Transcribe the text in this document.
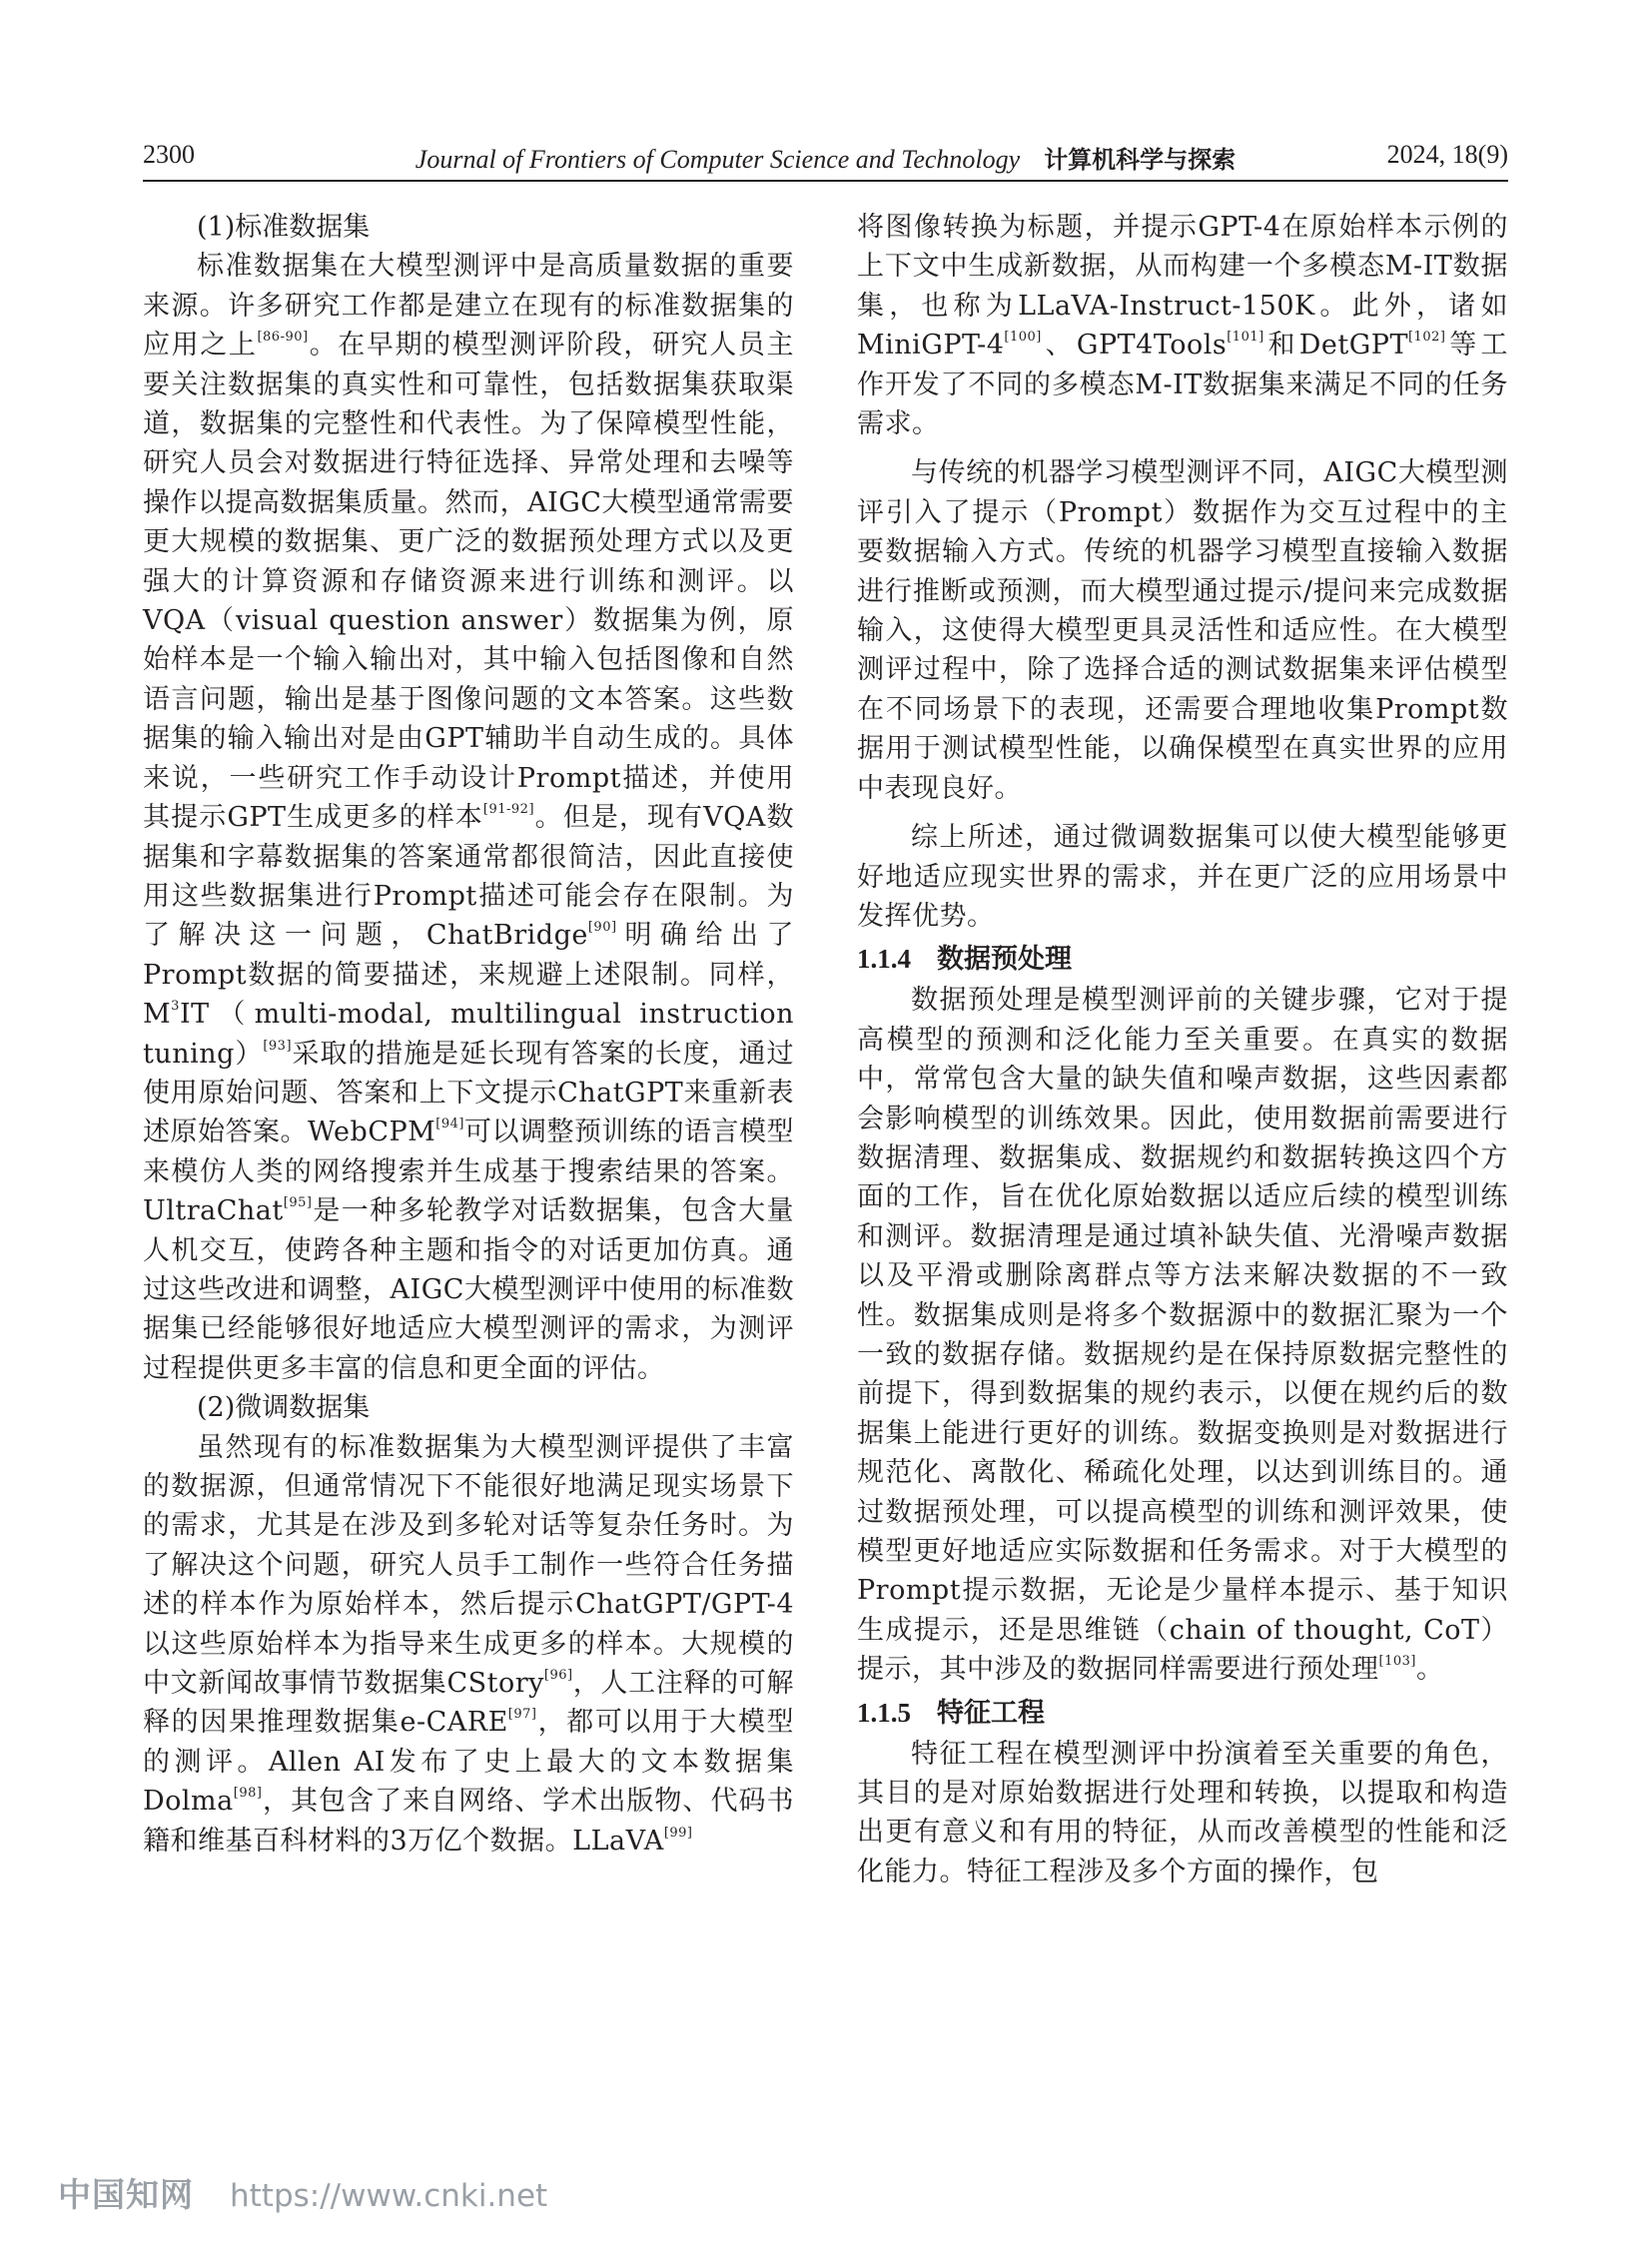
2300	Journal of Frontiers of Computer Science and Technology 计算机科学与探索	2024, 18(9)

(1)标准数据集

标准数据集在大模型测评中是高质量数据的重要来源。许多研究工作都是建立在现有的标准数据集的应用之上[86-90]。在早期的模型测评阶段，研究人员主要关注数据集的真实性和可靠性，包括数据集获取渠道，数据集的完整性和代表性。为了保障模型性能，研究人员会对数据进行特征选择、异常处理和去噪等操作以提高数据集质量。然而，AIGC大模型通常需要更大规模的数据集、更广泛的数据预处理方式以及更强大的计算资源和存储资源来进行训练和测评。以VQA（visual question answer）数据集为例，原始样本是一个输入输出对，其中输入包括图像和自然语言问题，输出是基于图像问题的文本答案。这些数据集的输入输出对是由GPT辅助半自动生成的。具体来说，一些研究工作手动设计Prompt描述，并使用其提示GPT生成更多的样本[91-92]。但是，现有VQA数据集和字幕数据集的答案通常都很简洁，因此直接使用这些数据集进行Prompt描述可能会存在限制。为了解决这一问题，ChatBridge[90]明确给出了Prompt数据的简要描述，来规避上述限制。同样，$M^3IT(multi$-modal, multilingual instruction tuning）[93]采取的措施是延长现有答案的长度，通过使用原始问题、答案和上下文提示ChatGPT来重新表述原始答案。WebCPM[94]可以调整预训练的语言模型来模仿人类的网络搜索并生成基于搜索结果的答案。UltraChat[95]是一种多轮教学对话数据集，包含大量人机交互，使跨各种主题和指令的对话更加仿真。通过这些改进和调整，AIGC大模型测评中使用的标准数据集已经能够很好地适应大模型测评的需求，为测评过程提供更多丰富的信息和更全面的评估。

(2)微调数据集

虽然现有的标准数据集为大模型测评提供了丰富的数据源，但通常情况下不能很好地满足现实场景下的需求，尤其是在涉及到多轮对话等复杂任务时。为了解决这个问题，研究人员手工制作一些符合任务描述的样本作为原始样本，然后提示ChatGPT/GPT-4以这些原始样本为指导来生成更多的样本。大规模的中文新闻故事情节数据集CStory[96]，人工注释的可解释的因果推理数据集e-CARE[97]，都可以用于大模型的测评。Allen AI发布了史上最大的文本数据集Dolma[98]，其包含了来自网络、学术出版物、代码书籍和维基百科材料的3万亿个数据。LLaVA[99]

将图像转换为标题，并提示GPT-4在原始样本示例的上下文中生成新数据，从而构建一个多模态M-IT数据集，也称为LLaVA-Instruct-150K。此外，诸如MiniGPT-4[100]、GPT4Tools[101]和DetGPT[102]等工作开发了不同的多模态M-IT数据集来满足不同的任务需求。

与传统的机器学习模型测评不同，AIGC大模型测评引入了提示（Prompt）数据作为交互过程中的主要数据输入方式。传统的机器学习模型直接输入数据进行推断或预测，而大模型通过提示/提问来完成数据输入，这使得大模型更具灵活性和适应性。在大模型测评过程中，除了选择合适的测试数据集来评估模型在不同场景下的表现，还需要合理地收集Prompt数据用于测试模型性能，以确保模型在真实世界的应用中表现良好。

综上所述，通过微调数据集可以使大模型能够更好地适应现实世界的需求，并在更广泛的应用场景中发挥优势。

1.1.4 数据预处理

数据预处理是模型测评前的关键步骤，它对于提高模型的预测和泛化能力至关重要。在真实的数据中，常常包含大量的缺失值和噪声数据，这些因素都会影响模型的训练效果。因此，使用数据前需要进行数据清理、数据集成、数据规约和数据转换这四个方面的工作，旨在优化原始数据以适应后续的模型训练和测评。数据清理是通过填补缺失值、光滑噪声数据以及平滑或删除离群点等方法来解决数据的不一致性。数据集成则是将多个数据源中的数据汇聚为一个一致的数据存储。数据规约是在保持原数据完整性的前提下，得到数据集的规约表示，以便在规约后的数据集上能进行更好的训练。数据变换则是对数据进行规范化、离散化、稀疏化处理，以达到训练目的。通过数据预处理，可以提高模型的训练和测评效果，使模型更好地适应实际数据和任务需求。对于大模型的Prompt提示数据，无论是少量样本提示、基于知识生成提示，还是思维链（chain of thought, CoT）提示，其中涉及的数据同样需要进行预处理[103]。

1.1.5 特征工程

特征工程在模型测评中扮演着至关重要的角色，其目的是对原始数据进行处理和转换，以提取和构造出更有意义和有用的特征，从而改善模型的性能和泛化能力。特征工程涉及多个方面的操作，包

中国知网 https://www.cnki.net
